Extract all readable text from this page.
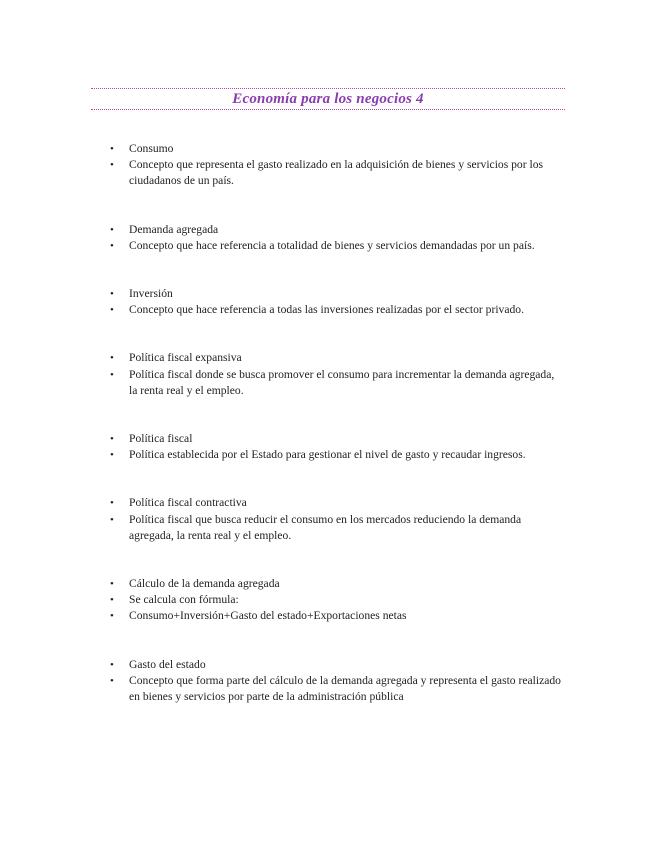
Economía para los negocios 4
• Consumo
• Concepto que representa el gasto realizado en la adquisición de bienes y servicios por los ciudadanos de un país.
• Demanda agregada
• Concepto que hace referencia a totalidad de bienes y servicios demandadas por un país.
• Inversión
• Concepto que hace referencia a todas las inversiones realizadas por el sector privado.
• Política fiscal expansiva
• Política fiscal donde se busca promover el consumo para incrementar la demanda agregada, la renta real y el empleo.
• Política fiscal
• Política establecida por el Estado para gestionar el nivel de gasto y recaudar ingresos.
• Política fiscal contractiva
• Política fiscal que busca reducir el consumo en los mercados reduciendo la demanda agregada, la renta real y el empleo.
• Cálculo de la demanda agregada
• Se calcula con fórmula:
• Consumo+Inversión+Gasto del estado+Exportaciones netas
• Gasto del estado
• Concepto que forma parte del cálculo de la demanda agregada y representa el gasto realizado en bienes y servicios por parte de la administración pública
